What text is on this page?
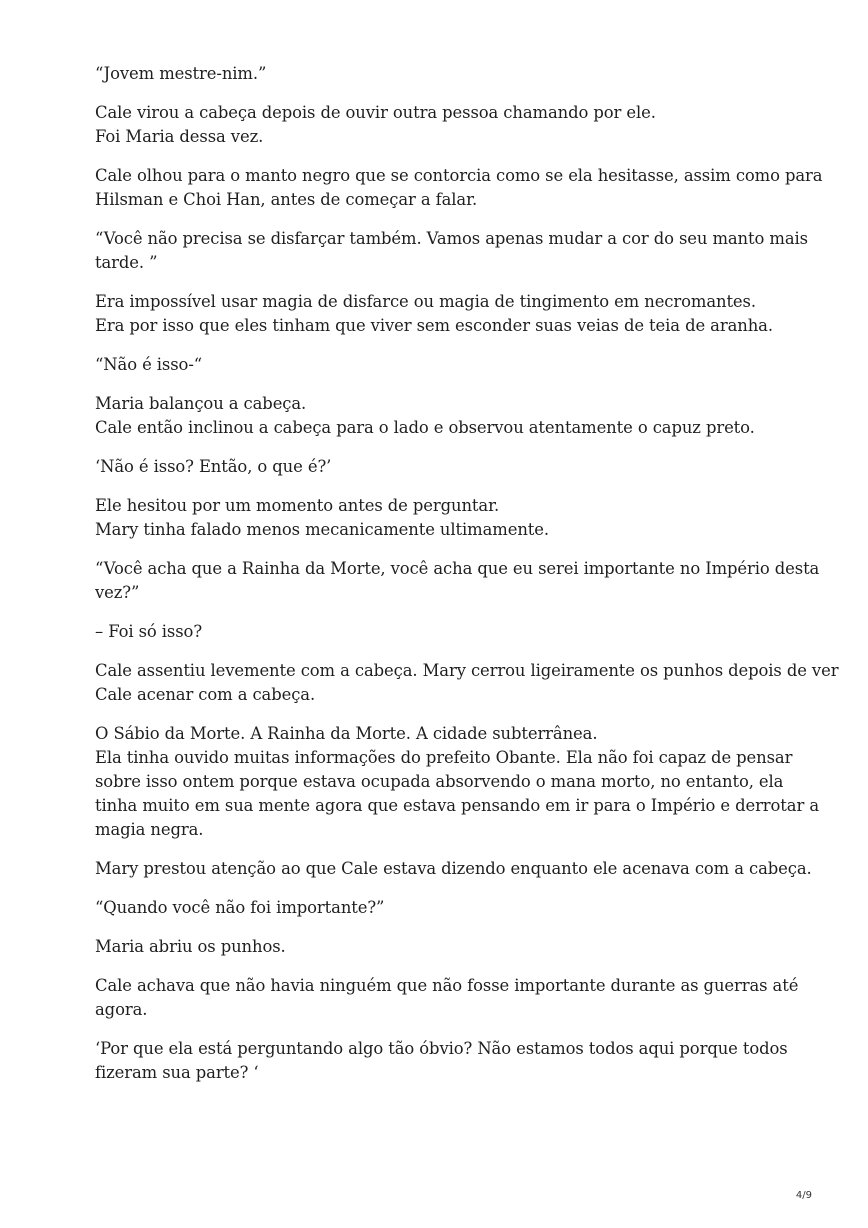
“Jovem mestre-nim.”

Cale virou a cabeça depois de ouvir outra pessoa chamando por ele.
Foi Maria dessa vez.

Cale olhou para o manto negro que se contorcia como se ela hesitasse, assim como para
Hilsman e Choi Han, antes de começar a falar.

“Você não precisa se disfarçar também. Vamos apenas mudar a cor do seu manto mais
tarde. ”

Era impossível usar magia de disfarce ou magia de tingimento em necromantes.
Era por isso que eles tinham que viver sem esconder suas veias de teia de aranha.

“Não é isso-“

Maria balançou a cabeça.
Cale então inclinou a cabeça para o lado e observou atentamente o capuz preto.

‘Não é isso? Então, o que é?’

Ele hesitou por um momento antes de perguntar.
Mary tinha falado menos mecanicamente ultimamente.

“Você acha que a Rainha da Morte, você acha que eu serei importante no Império desta
vez?”

– Foi só isso?

Cale assentiu levemente com a cabeça. Mary cerrou ligeiramente os punhos depois de ver
Cale acenar com a cabeça.

O Sábio da Morte. A Rainha da Morte. A cidade subterrânea.
Ela tinha ouvido muitas informações do prefeito Obante. Ela não foi capaz de pensar
sobre isso ontem porque estava ocupada absorvendo o mana morto, no entanto, ela
tinha muito em sua mente agora que estava pensando em ir para o Império e derrotar a
magia negra.

Mary prestou atenção ao que Cale estava dizendo enquanto ele acenava com a cabeça.

“Quando você não foi importante?”

Maria abriu os punhos.

Cale achava que não havia ninguém que não fosse importante durante as guerras até
agora.

‘Por que ela está perguntando algo tão óbvio? Não estamos todos aqui porque todos
fizeram sua parte? ‘

4/9
